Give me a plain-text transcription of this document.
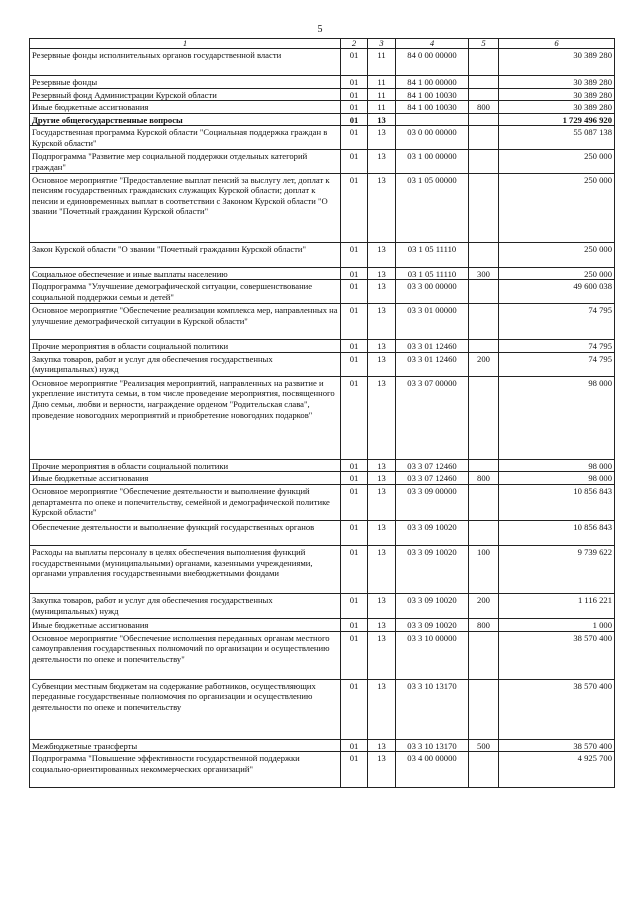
5
1	2	3	4	5	6
Резервные фонды исполнительных органов государственной власти	01	11	84 0 00 00000		30 389 280
Резервные фонды	01	11	84 1 00 00000		30 389 280
Резервный фонд Администрации Курской области	01	11	84 1 00 10030		30 389 280
Иные бюджетные ассигнования	01	11	84 1 00 10030	800	30 389 280
Другие общегосударственные вопросы	01	13			1 729 496 920
Государственная программа Курской области "Социальная поддержка граждан в Курской области"	01	13	03 0 00 00000		55 087 138
Подпрограмма "Развитие мер социальной поддержки отдельных категорий граждан"	01	13	03 1 00 00000		250 000
Основное мероприятие "Предоставление выплат пенсий за выслугу лет, доплат к пенсиям государственных гражданских служащих Курской области; доплат к пенсии и единовременных выплат в соответствии с Законом Курской области "О звании "Почетный гражданин Курской области"	01	13	03 1 05 00000		250 000
Закон Курской области "О звании "Почетный гражданин Курской области"	01	13	03 1 05 11110		250 000
Социальное обеспечение и иные выплаты населению	01	13	03 1 05 11110	300	250 000
Подпрограмма "Улучшение демографической ситуации, совершенствование социальной поддержки семьи и детей"	01	13	03 3 00 00000		49 600 038
Основное мероприятие "Обеспечение реализации комплекса мер, направленных на улучшение демографической ситуации в Курской области"	01	13	03 3 01 00000		74 795
Прочие мероприятия в области социальной политики	01	13	03 3 01 12460		74 795
Закупка товаров, работ и услуг для обеспечения государственных (муниципальных) нужд	01	13	03 3 01 12460	200	74 795
Основное мероприятие "Реализация мероприятий, направленных на развитие и укрепление института семьи, в том числе проведение мероприятия, посвященного Дню семьи, любви и верности, награждение орденом "Родительская слава", проведение новогодних мероприятий и приобретение новогодних подарков"	01	13	03 3 07 00000		98 000
Прочие мероприятия в области социальной политики	01	13	03 3 07 12460		98 000
Иные бюджетные ассигнования	01	13	03 3 07 12460	800	98 000
Основное мероприятие "Обеспечение деятельности и выполнение функций департамента по опеке и попечительству, семейной и демографической политике Курской области"	01	13	03 3 09 00000		10 856 843
Обеспечение деятельности и выполнение функций государственных органов	01	13	03 3 09 10020		10 856 843
Расходы на выплаты персоналу в целях обеспечения выполнения функций государственными (муниципальными) органами, казенными учреждениями, органами управления государственными внебюджетными фондами	01	13	03 3 09 10020	100	9 739 622
Закупка товаров, работ и услуг для обеспечения государственных (муниципальных) нужд	01	13	03 3 09 10020	200	1 116 221
Иные бюджетные ассигнования	01	13	03 3 09 10020	800	1 000
Основное мероприятие "Обеспечение исполнения переданных органам местного самоуправления государственных полномочий по организации и осуществлению деятельности по опеке и попечительству"	01	13	03 3 10 00000		38 570 400
Субвенции местным бюджетам на содержание работников, осуществляющих переданные государственные полномочия по организации и осуществлению деятельности по опеке и попечительству	01	13	03 3 10 13170		38 570 400
Межбюджетные трансферты	01	13	03 3 10 13170	500	38 570 400
Подпрограмма "Повышение эффективности государственной поддержки социально-ориентированных некоммерческих организаций"	01	13	03 4 00 00000		4 925 700
